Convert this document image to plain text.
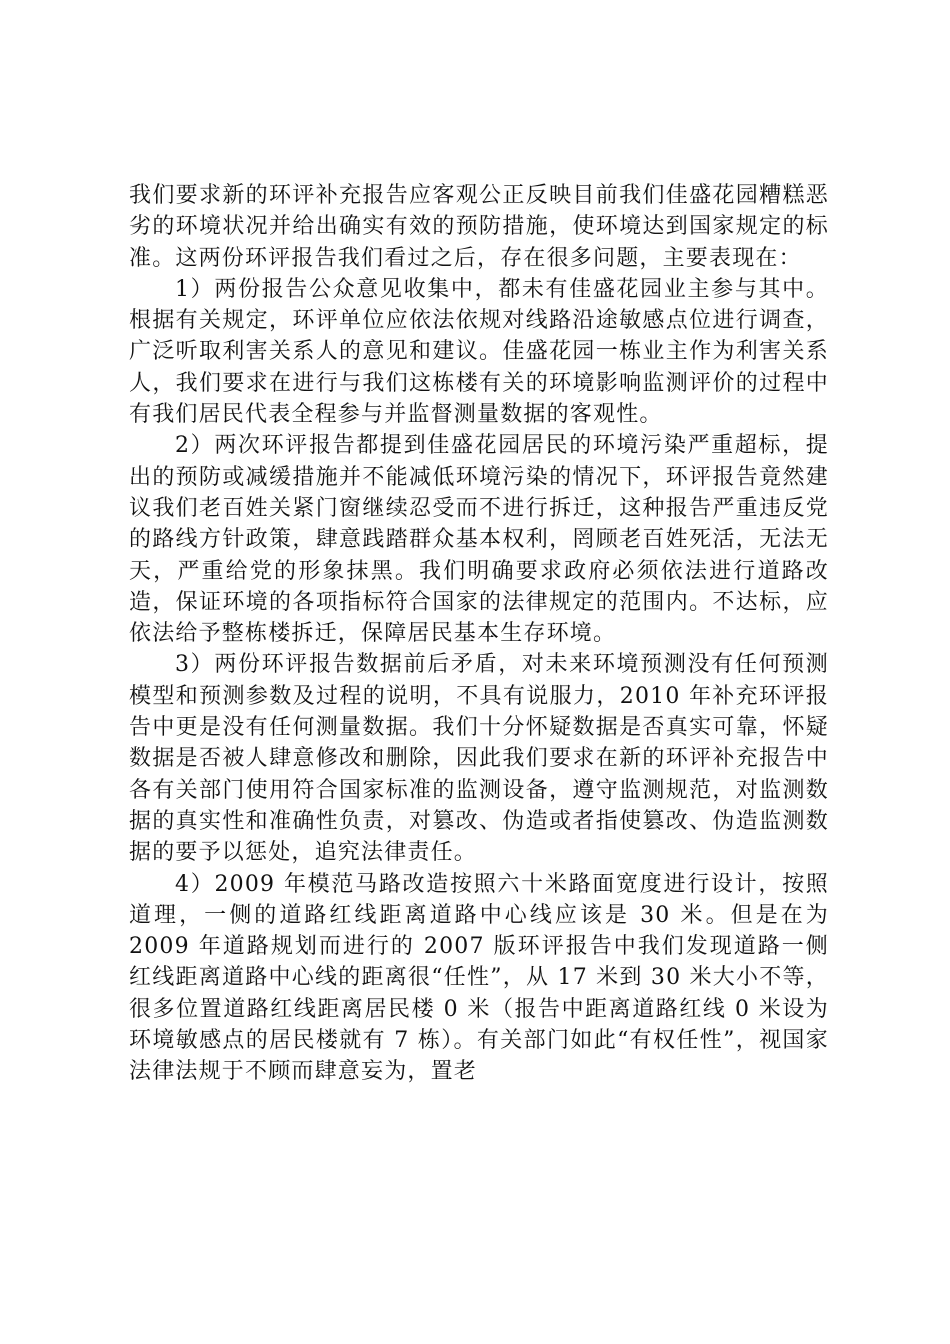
我们要求新的环评补充报告应客观公正反映目前我们佳盛花园糟糕恶劣的环境状况并给出确实有效的预防措施，使环境达到国家规定的标准。这两份环评报告我们看过之后，存在很多问题，主要表现在：

1）两份报告公众意见收集中，都未有佳盛花园业主参与其中。根据有关规定，环评单位应依法依规对线路沿途敏感点位进行调查，广泛听取利害关系人的意见和建议。佳盛花园一栋业主作为利害关系人，我们要求在进行与我们这栋楼有关的环境影响监测评价的过程中有我们居民代表全程参与并监督测量数据的客观性。

2）两次环评报告都提到佳盛花园居民的环境污染严重超标，提出的预防或减缓措施并不能减低环境污染的情况下，环评报告竟然建议我们老百姓关紧门窗继续忍受而不进行拆迁，这种报告严重违反党的路线方针政策，肆意践踏群众基本权利，罔顾老百姓死活，无法无天，严重给党的形象抹黑。我们明确要求政府必须依法进行道路改造，保证环境的各项指标符合国家的法律规定的范围内。不达标，应依法给予整栋楼拆迁，保障居民基本生存环境。

3）两份环评报告数据前后矛盾，对未来环境预测没有任何预测模型和预测参数及过程的说明，不具有说服力，2010 年补充环评报告中更是没有任何测量数据。我们十分怀疑数据是否真实可靠，怀疑数据是否被人肆意修改和删除，因此我们要求在新的环评补充报告中各有关部门使用符合国家标准的监测设备，遵守监测规范，对监测数据的真实性和准确性负责，对篡改、伪造或者指使篡改、伪造监测数据的要予以惩处，追究法律责任。

4）2009 年模范马路改造按照六十米路面宽度进行设计，按照道理，一侧的道路红线距离道路中心线应该是 30 米。但是在为 2009 年道路规划而进行的 2007 版环评报告中我们发现道路一侧红线距离道路中心线的距离很“任性”，从 17 米到 30 米大小不等，很多位置道路红线距离居民楼 0 米（报告中距离道路红线 0 米设为环境敏感点的居民楼就有 7 栋）。有关部门如此“有权任性”，视国家法律法规于不顾而肆意妄为，置老
